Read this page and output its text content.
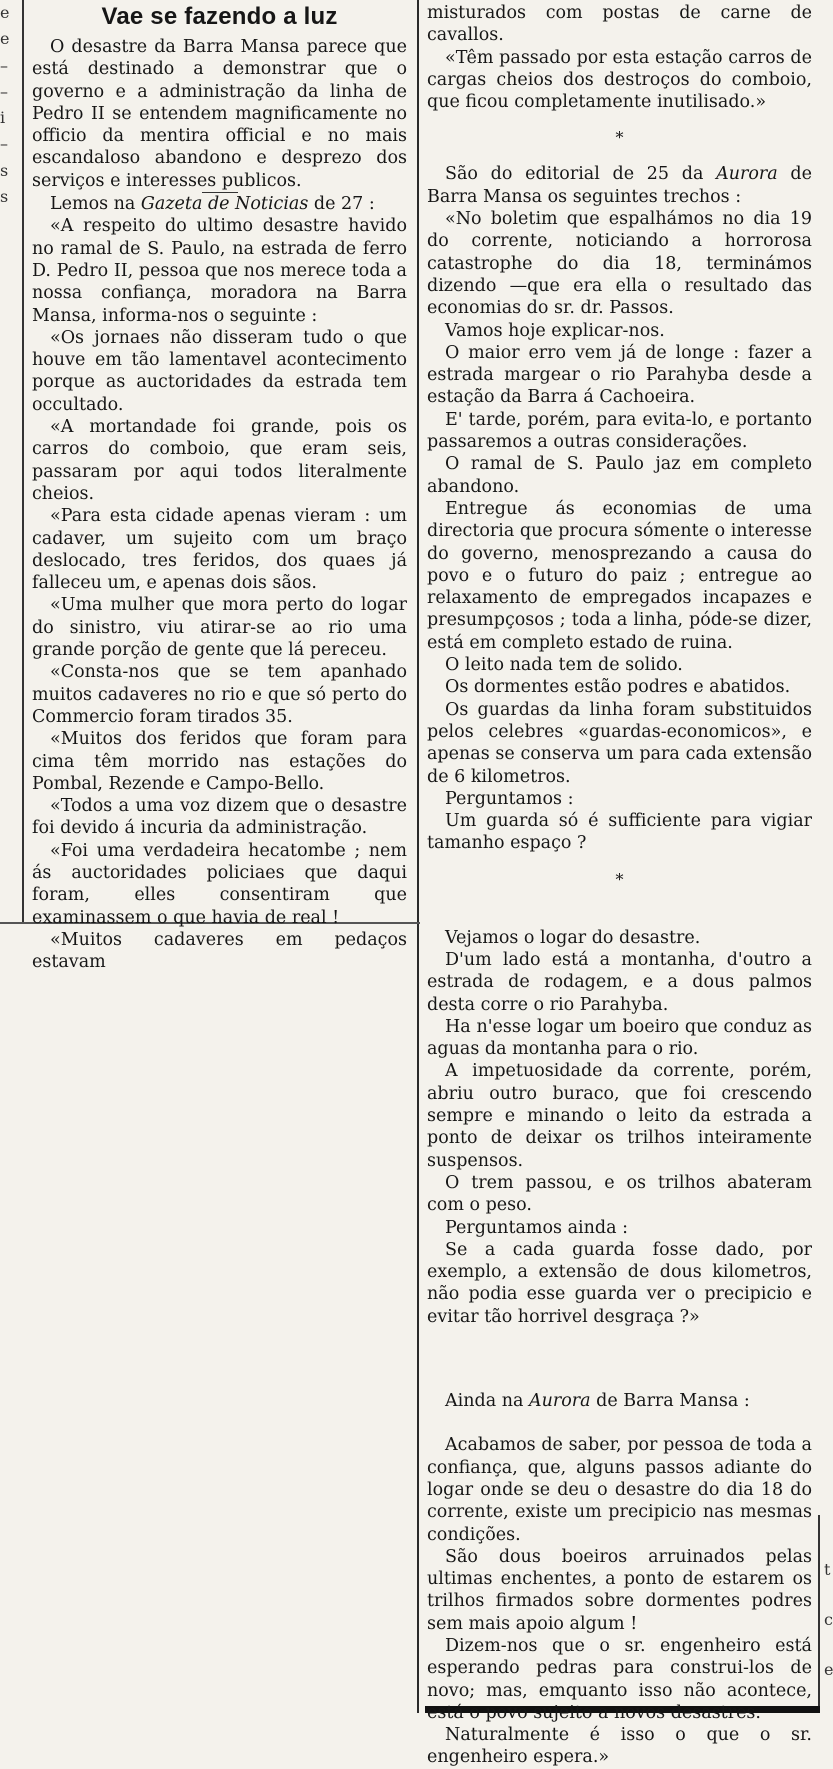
e
e
–
–
i
–
s
s
t
c
e
Vae se fazendo a luz

O desastre da Barra Mansa parece que está destinado a demonstrar que o governo e a administração da linha de Pedro II se entendem magnificamente no officio da mentira official e no mais escandaloso abandono e desprezo dos serviços e interesses publicos.

Lemos na Gazeta de Noticias de 27 :

«A respeito do ultimo desastre havido no ramal de S. Paulo, na estrada de ferro D. Pedro II, pessoa que nos merece toda a nossa confiança, moradora na Barra Mansa, informa-nos o seguinte :

«Os jornaes não disseram tudo o que houve em tão lamentavel acontecimento porque as auctoridades da estrada tem occultado.

«A mortandade foi grande, pois os carros do comboio, que eram seis, passaram por aqui todos literalmente cheios.

«Para esta cidade apenas vieram : um cadaver, um sujeito com um braço deslocado, tres feridos, dos quaes já falleceu um, e apenas dois sãos.

«Uma mulher que mora perto do logar do sinistro, viu atirar-se ao rio uma grande porção de gente que lá pereceu.

«Consta-nos que se tem apanhado muitos cadaveres no rio e que só perto do Commercio foram tirados 35.

«Muitos dos feridos que foram para cima têm morrido nas estações do Pombal, Rezende e Campo-Bello.

«Todos a uma voz dizem que o desastre foi devido á incuria da administração.

«Foi uma verdadeira hecatombe ; nem ás auctoridades policiaes que daqui foram, elles consentiram que examinassem o que havia de real !

«Muitos cadaveres em pedaços estavam

misturados com postas de carne de cavallos.

«Têm passado por esta estação carros de cargas cheios dos destroços do comboio, que ficou completamente inutilisado.»

*

São do editorial de 25 da Aurora de Barra Mansa os seguintes trechos :

«No boletim que espalhámos no dia 19 do corrente, noticiando a horrorosa catastrophe do dia 18, terminámos dizendo —que era ella o resultado das economias do sr. dr. Passos.

Vamos hoje explicar-nos.

O maior erro vem já de longe : fazer a estrada margear o rio Parahyba desde a estação da Barra á Cachoeira.

E' tarde, porém, para evita-lo, e portanto passaremos a outras considerações.

O ramal de S. Paulo jaz em completo abandono.

Entregue ás economias de uma directoria que procura sómente o interesse do governo, menosprezando a causa do povo e o futuro do paiz ; entregue ao relaxamento de empregados incapazes e presumpçosos ; toda a linha, póde-se dizer, está em completo estado de ruina.

O leito nada tem de solido.

Os dormentes estão podres e abatidos.

Os guardas da linha foram substituidos pelos celebres «guardas-economicos», e apenas se conserva um para cada extensão de 6 kilometros.

Perguntamos :

Um guarda só é sufficiente para vigiar tamanho espaço ?

*

Vejamos o logar do desastre.

D'um lado está a montanha, d'outro a estrada de rodagem, e a dous palmos desta corre o rio Parahyba.

Ha n'esse logar um boeiro que conduz as aguas da montanha para o rio.

A impetuosidade da corrente, porém, abriu outro buraco, que foi crescendo sempre e minando o leito da estrada a ponto de deixar os trilhos inteiramente suspensos.

O trem passou, e os trilhos abateram com o peso.

Perguntamos ainda :

Se a cada guarda fosse dado, por exemplo, a extensão de dous kilometros, não podia esse guarda ver o precipicio e evitar tão horrivel desgraça ?»

Ainda na Aurora de Barra Mansa :

Acabamos de saber, por pessoa de toda a confiança, que, alguns passos adiante do logar onde se deu o desastre do dia 18 do corrente, existe um precipicio nas mesmas condições.

São dous boeiros arruinados pelas ultimas enchentes, a ponto de estarem os trilhos firmados sobre dormentes podres sem mais apoio algum !

Dizem-nos que o sr. engenheiro está esperando pedras para construi-los de novo; mas, emquanto isso não acontece, está o povo sujeito a novos desastres.

Naturalmente é isso o que o sr. engenheiro espera.»
